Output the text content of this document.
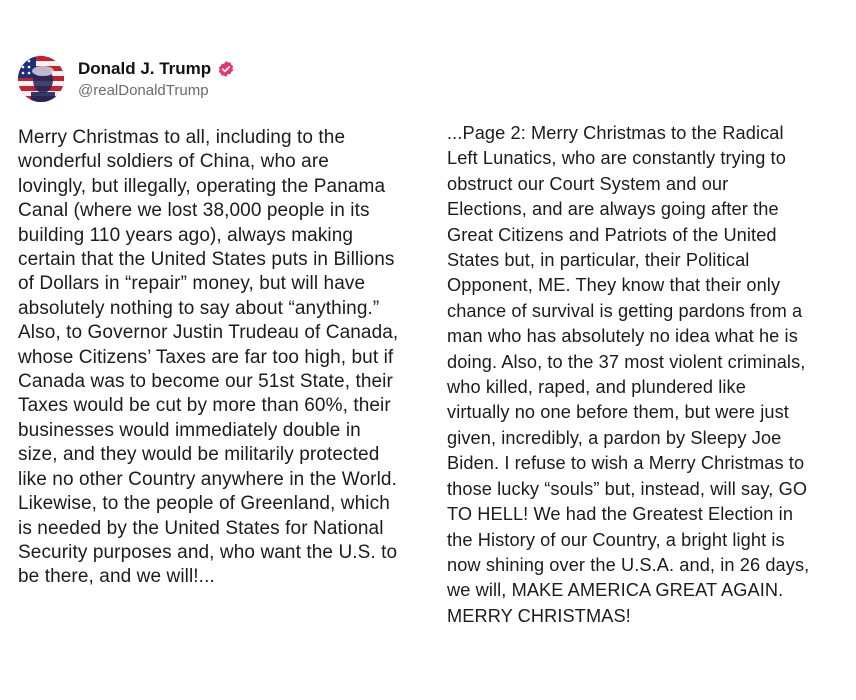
Donald J. Trump
@realDonaldTrump
Merry Christmas to all, including to the
wonderful soldiers of China, who are
lovingly, but illegally, operating the Panama
Canal (where we lost 38,000 people in its
building 110 years ago), always making
certain that the United States puts in Billions
of Dollars in “repair” money, but will have
absolutely nothing to say about “anything.”
Also, to Governor Justin Trudeau of Canada,
whose Citizens’ Taxes are far too high, but if
Canada was to become our 51st State, their
Taxes would be cut by more than 60%, their
businesses would immediately double in
size, and they would be militarily protected
like no other Country anywhere in the World.
Likewise, to the people of Greenland, which
is needed by the United States for National
Security purposes and, who want the U.S. to
be there, and we will!...
...Page 2: Merry Christmas to the Radical
Left Lunatics, who are constantly trying to
obstruct our Court System and our
Elections, and are always going after the
Great Citizens and Patriots of the United
States but, in particular, their Political
Opponent, ME. They know that their only
chance of survival is getting pardons from a
man who has absolutely no idea what he is
doing. Also, to the 37 most violent criminals,
who killed, raped, and plundered like
virtually no one before them, but were just
given, incredibly, a pardon by Sleepy Joe
Biden. I refuse to wish a Merry Christmas to
those lucky “souls” but, instead, will say, GO
TO HELL! We had the Greatest Election in
the History of our Country, a bright light is
now shining over the U.S.A. and, in 26 days,
we will, MAKE AMERICA GREAT AGAIN.
MERRY CHRISTMAS!
